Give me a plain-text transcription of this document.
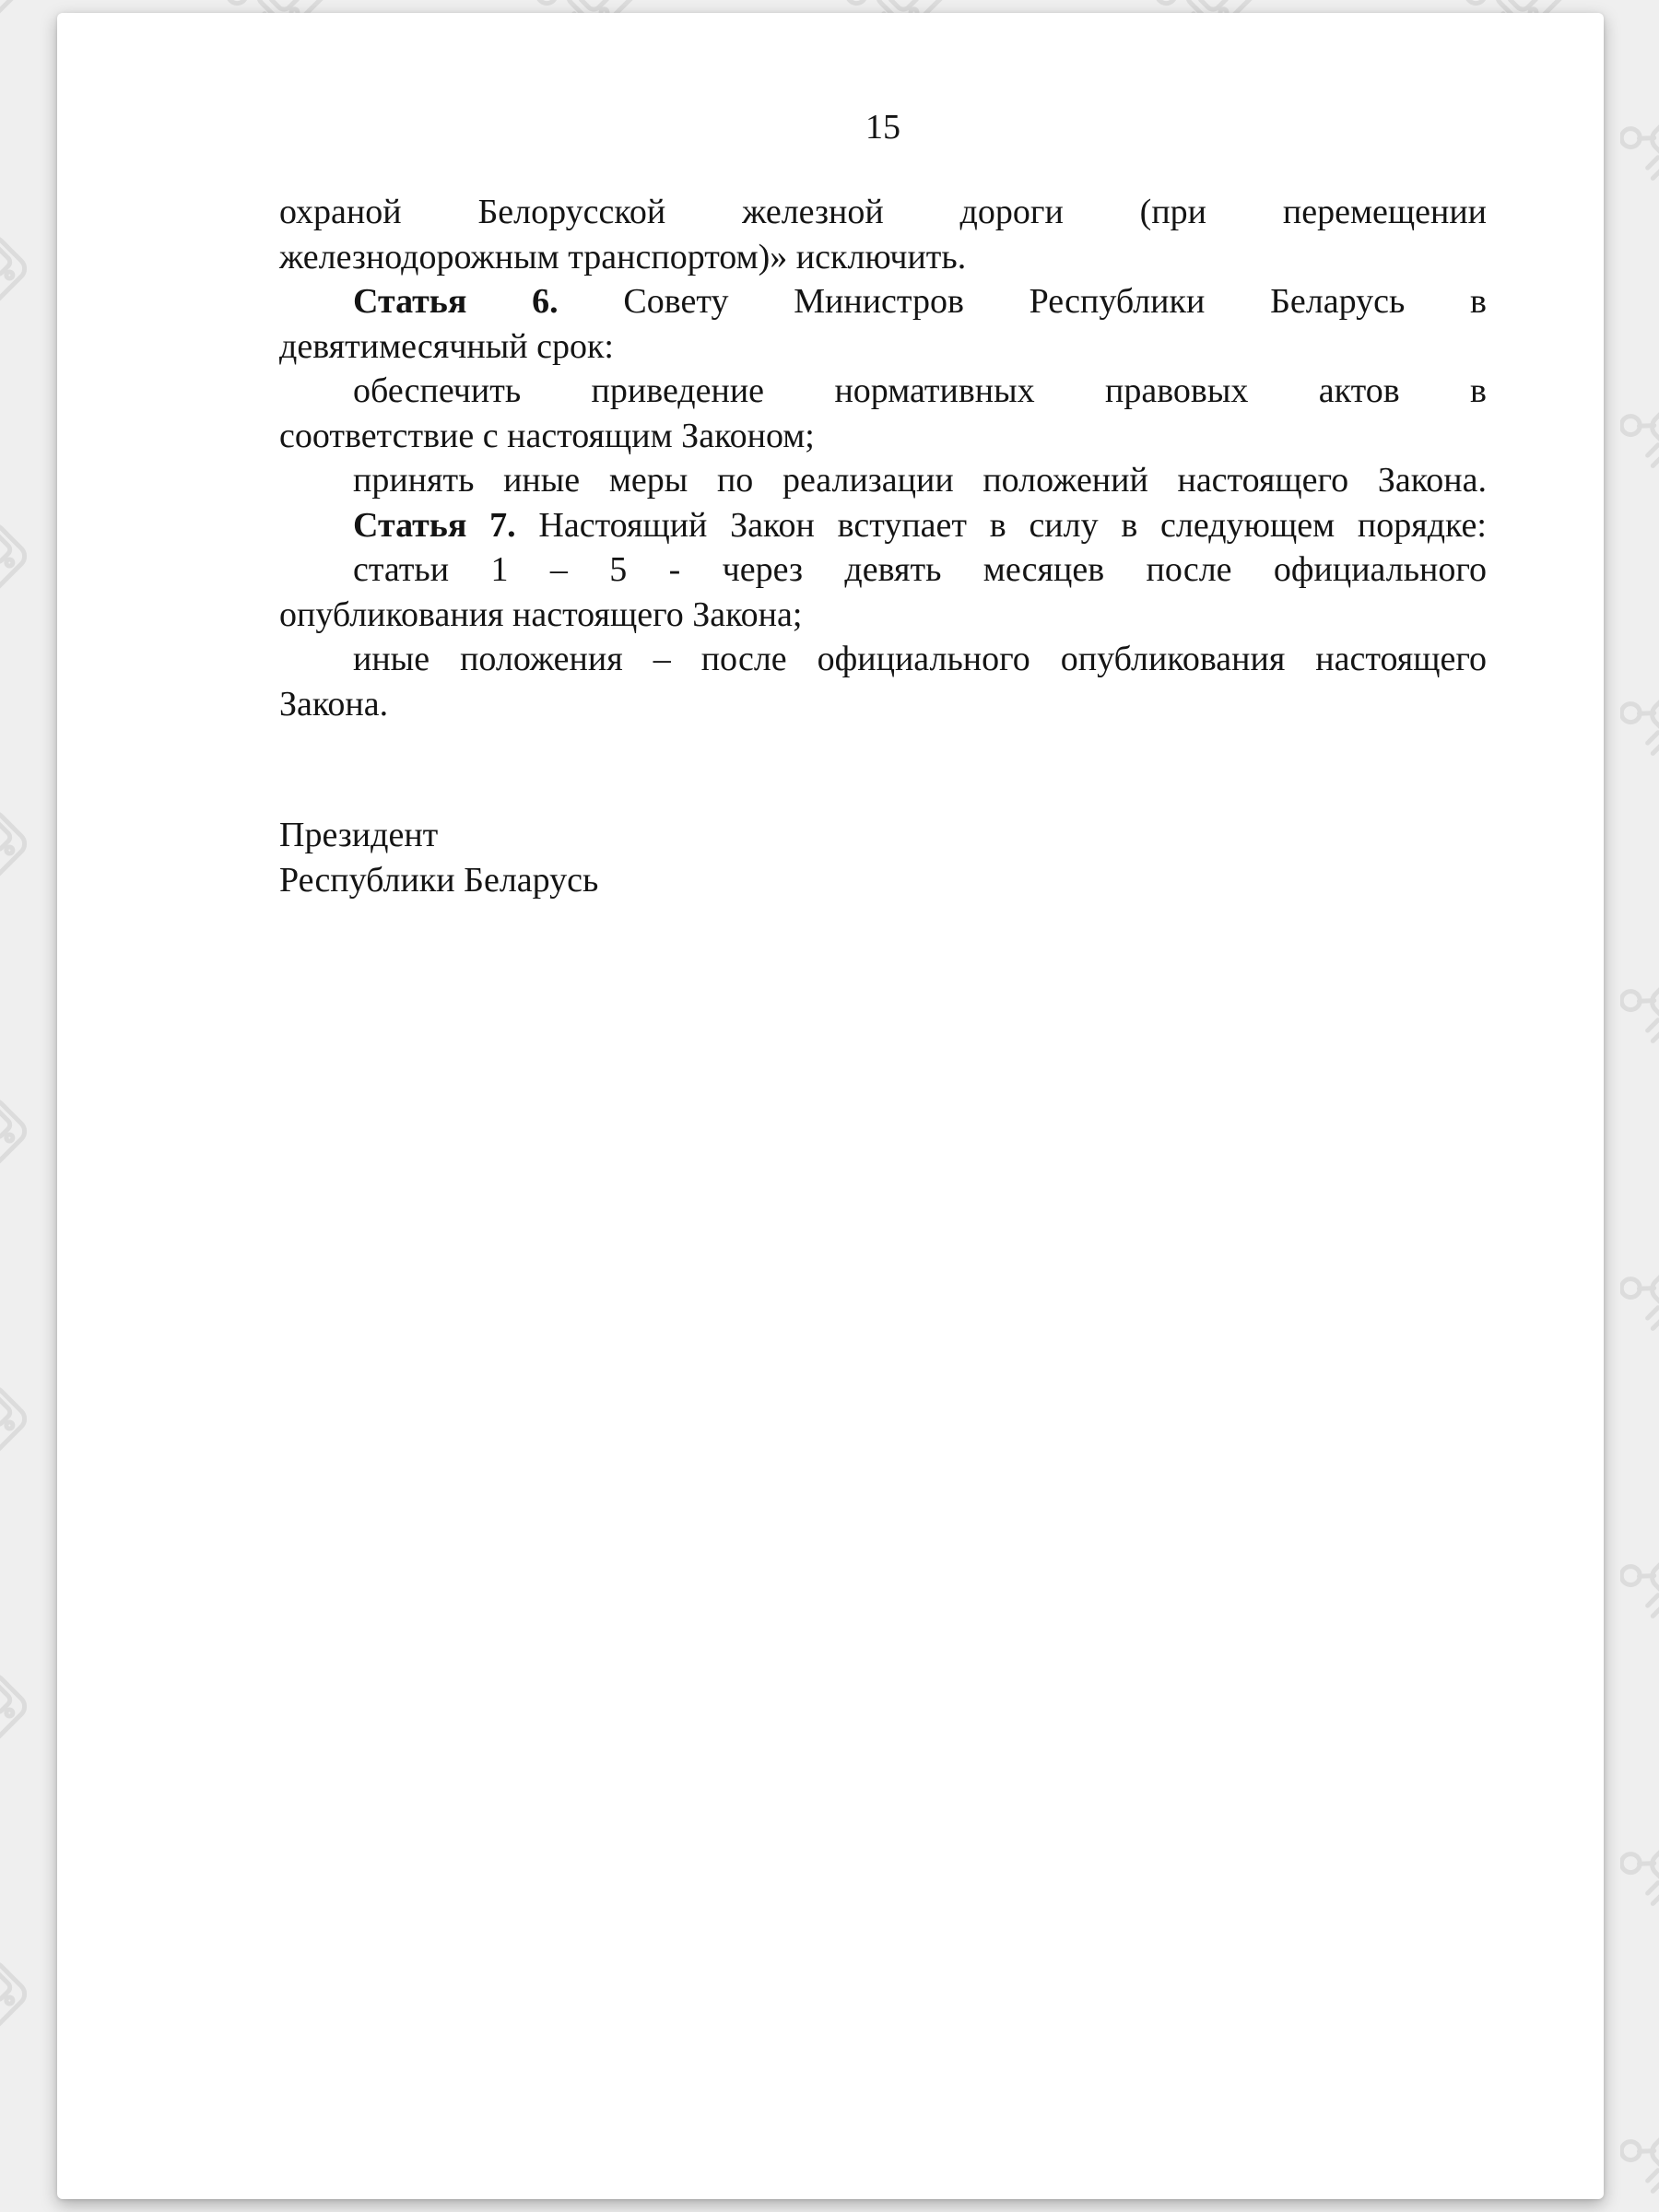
15
охраной Белорусской железной дороги (при перемещении
железнодорожным транспортом)» исключить.
Статья 6. Совету Министров Республики Беларусь в
девятимесячный срок:
обеспечить приведение нормативных правовых актов в
соответствие с настоящим Законом;
принять иные меры по реализации положений настоящего Закона.
Статья 7. Настоящий Закон вступает в силу в следующем порядке:
статьи 1 – 5 - через девять месяцев после официального
опубликования настоящего Закона;
иные положения – после официального опубликования настоящего
Закона.
Президент
Республики Беларусь
